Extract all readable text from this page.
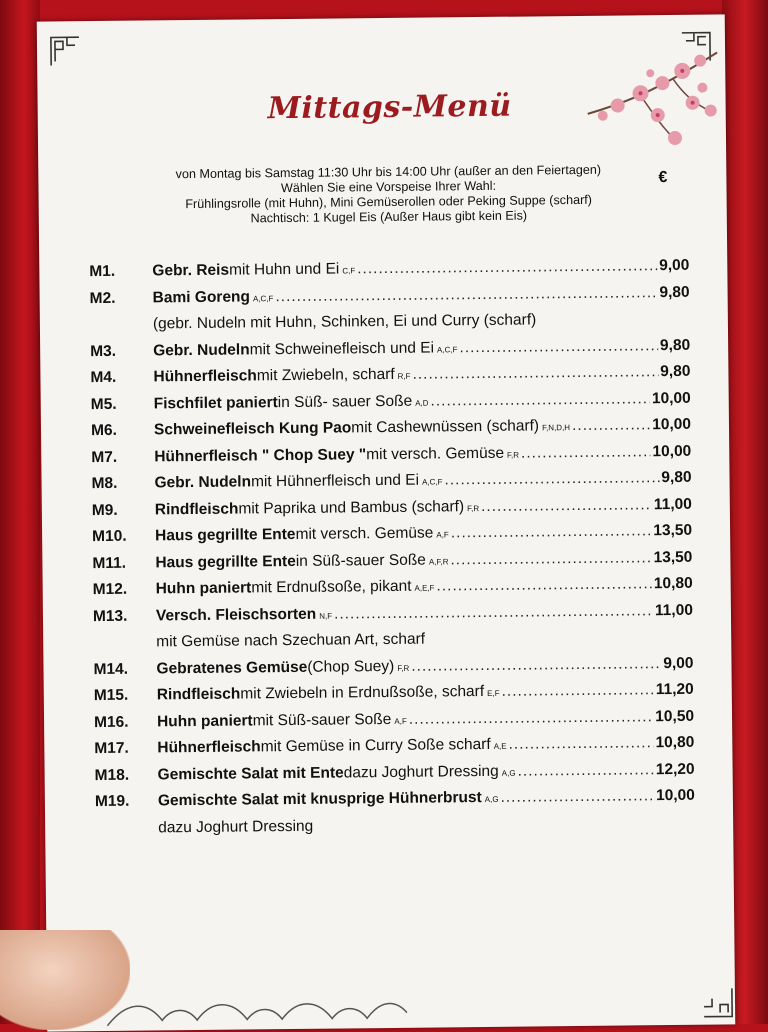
Mittags-Menü
von Montag bis Samstag 11:30 Uhr bis 14:00 Uhr (außer an den Feiertagen)
Wählen Sie eine Vorspeise Ihrer Wahl:
Frühlingsrolle (mit Huhn), Mini Gemüserollen oder Peking Suppe (scharf)
Nachtisch: 1 Kugel Eis (Außer Haus gibt kein Eis)
€
M1.	Gebr. Reis mit Huhn und Ei C,F .....	9,00
M2.	Bami Goreng A,C,F .....	9,80
(gebr. Nudeln mit Huhn, Schinken, Ei und Curry (scharf)
M3.	Gebr. Nudeln mit Schweinefleisch und Ei A,C,F .....	9,80
M4.	Hühnerfleisch mit Zwiebeln, scharf R,F .....	9,80
M5.	Fischfilet paniert in Süß- sauer Soße A,D .....	10,00
M6.	Schweinefleisch Kung Pao mit Cashewnüssen (scharf) F,N,D,H .....	10,00
M7.	Hühnerfleisch " Chop Suey " mit versch. Gemüse F,R .....	10,00
M8.	Gebr. Nudeln mit Hühnerfleisch und Ei A,C,F .....	9,80
M9.	Rindfleisch mit Paprika und Bambus (scharf) F,R .....	11,00
M10.	Haus gegrillte Ente mit versch. Gemüse A,F .....	13,50
M11.	Haus gegrillte Ente in Süß-sauer Soße A,F,R .....	13,50
M12.	Huhn paniert mit Erdnußsoße, pikant A,E,F .....	10,80
M13.	Versch. Fleischsorten N,F .....	11,00
mit Gemüse nach Szechuan Art, scharf
M14.	Gebratenes Gemüse (Chop Suey) F,R .....	9,00
M15.	Rindfleisch mit Zwiebeln in Erdnußsoße, scharf E,F .....	11,20
M16.	Huhn paniert mit Süß-sauer Soße A,F .....	10,50
M17.	Hühnerfleisch mit Gemüse in Curry Soße scharf A,E .....	10,80
M18.	Gemischte Salat mit Ente dazu Joghurt Dressing A,G .....	12,20
M19.	Gemischte Salat mit knusprige Hühnerbrust A,G .....	10,00
dazu Joghurt Dressing
